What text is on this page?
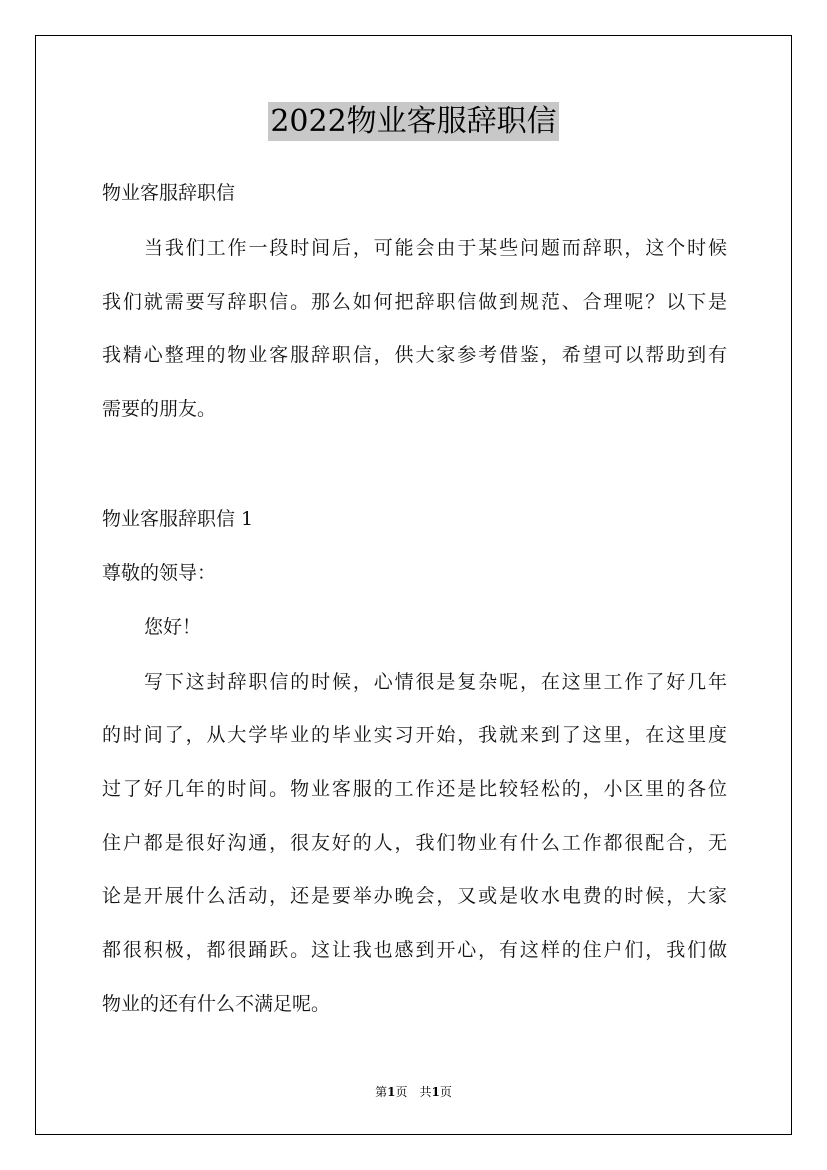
2022物业客服辞职信

物业客服辞职信

当我们工作一段时间后，可能会由于某些问题而辞职，这个时候

我们就需要写辞职信。那么如何把辞职信做到规范、合理呢？以下是

我精心整理的物业客服辞职信，供大家参考借鉴，希望可以帮助到有

需要的朋友。

物业客服辞职信 1

尊敬的领导：

您好！

写下这封辞职信的时候，心情很是复杂呢，在这里工作了好几年

的时间了，从大学毕业的毕业实习开始，我就来到了这里，在这里度

过了好几年的时间。物业客服的工作还是比较轻松的，小区里的各位

住户都是很好沟通，很友好的人，我们物业有什么工作都很配合，无

论是开展什么活动，还是要举办晚会，又或是收水电费的时候，大家

都很积极，都很踊跃。这让我也感到开心，有这样的住户们，我们做

物业的还有什么不满足呢。

第1页　共1页
